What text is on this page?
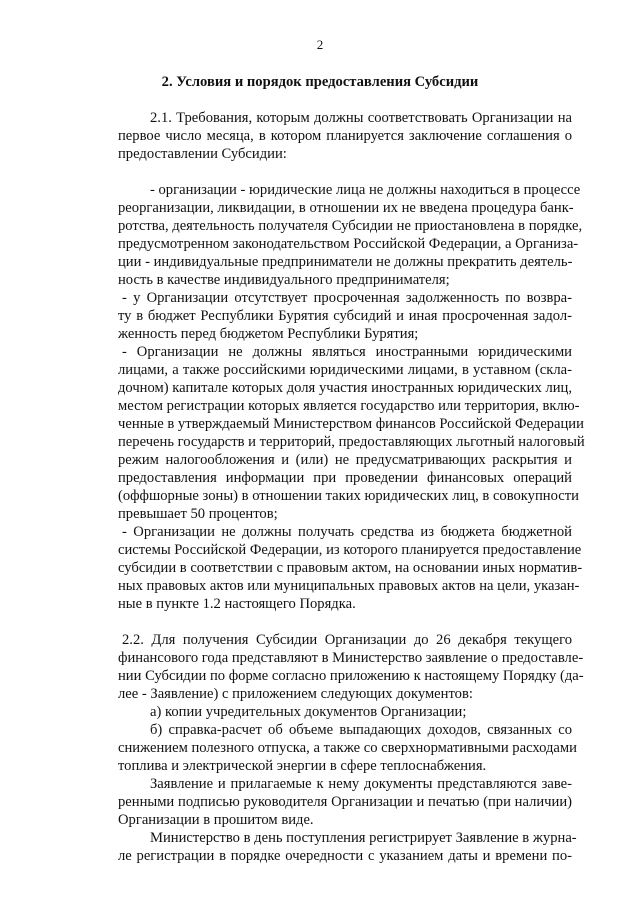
2
2. Условия и порядок предоставления Субсидии
2.1. Требования, которым должны соответствовать Организации на
первое число месяца, в котором планируется заключение соглашения о
предоставлении Субсидии:
- организации - юридические лица не должны находиться в процессе
реорганизации, ликвидации, в отношении их не введена процедура банк-
ротства, деятельность получателя Субсидии не приостановлена в порядке,
предусмотренном законодательством Российской Федерации, а Организа-
ции - индивидуальные предприниматели не должны прекратить деятель-
ность в качестве индивидуального предпринимателя;
- у Организации отсутствует просроченная задолженность по возвра-
ту в бюджет Республики Бурятия субсидий и иная просроченная задол-
женность перед бюджетом Республики Бурятия;
- Организации не должны являться иностранными юридическими
лицами, а также российскими юридическими лицами, в уставном (скла-
дочном) капитале которых доля участия иностранных юридических лиц,
местом регистрации которых является государство или территория, вклю-
ченные в утверждаемый Министерством финансов Российской Федерации
перечень государств и территорий, предоставляющих льготный налоговый
режим налогообложения и (или) не предусматривающих раскрытия и
предоставления информации при проведении финансовых операций
(оффшорные зоны) в отношении таких юридических лиц, в совокупности
превышает 50 процентов;
- Организации не должны получать средства из бюджета бюджетной
системы Российской Федерации, из которого планируется предоставление
субсидии в соответствии с правовым актом, на основании иных норматив-
ных правовых актов или муниципальных правовых актов на цели, указан-
ные в пункте 1.2 настоящего Порядка.
2.2. Для получения Субсидии Организации до 26 декабря текущего
финансового года представляют в Министерство заявление о предоставле-
нии Субсидии по форме согласно приложению к настоящему Порядку (да-
лее - Заявление) с приложением следующих документов:
а) копии учредительных документов Организации;
б) справка-расчет об объеме выпадающих доходов, связанных со
снижением полезного отпуска, а также со сверхнормативными расходами
топлива и электрической энергии в сфере теплоснабжения.
Заявление и прилагаемые к нему документы представляются заве-
ренными подписью руководителя Организации и печатью (при наличии)
Организации в прошитом виде.
Министерство в день поступления регистрирует Заявление в журна-
ле регистрации в порядке очередности с указанием даты и времени по-
